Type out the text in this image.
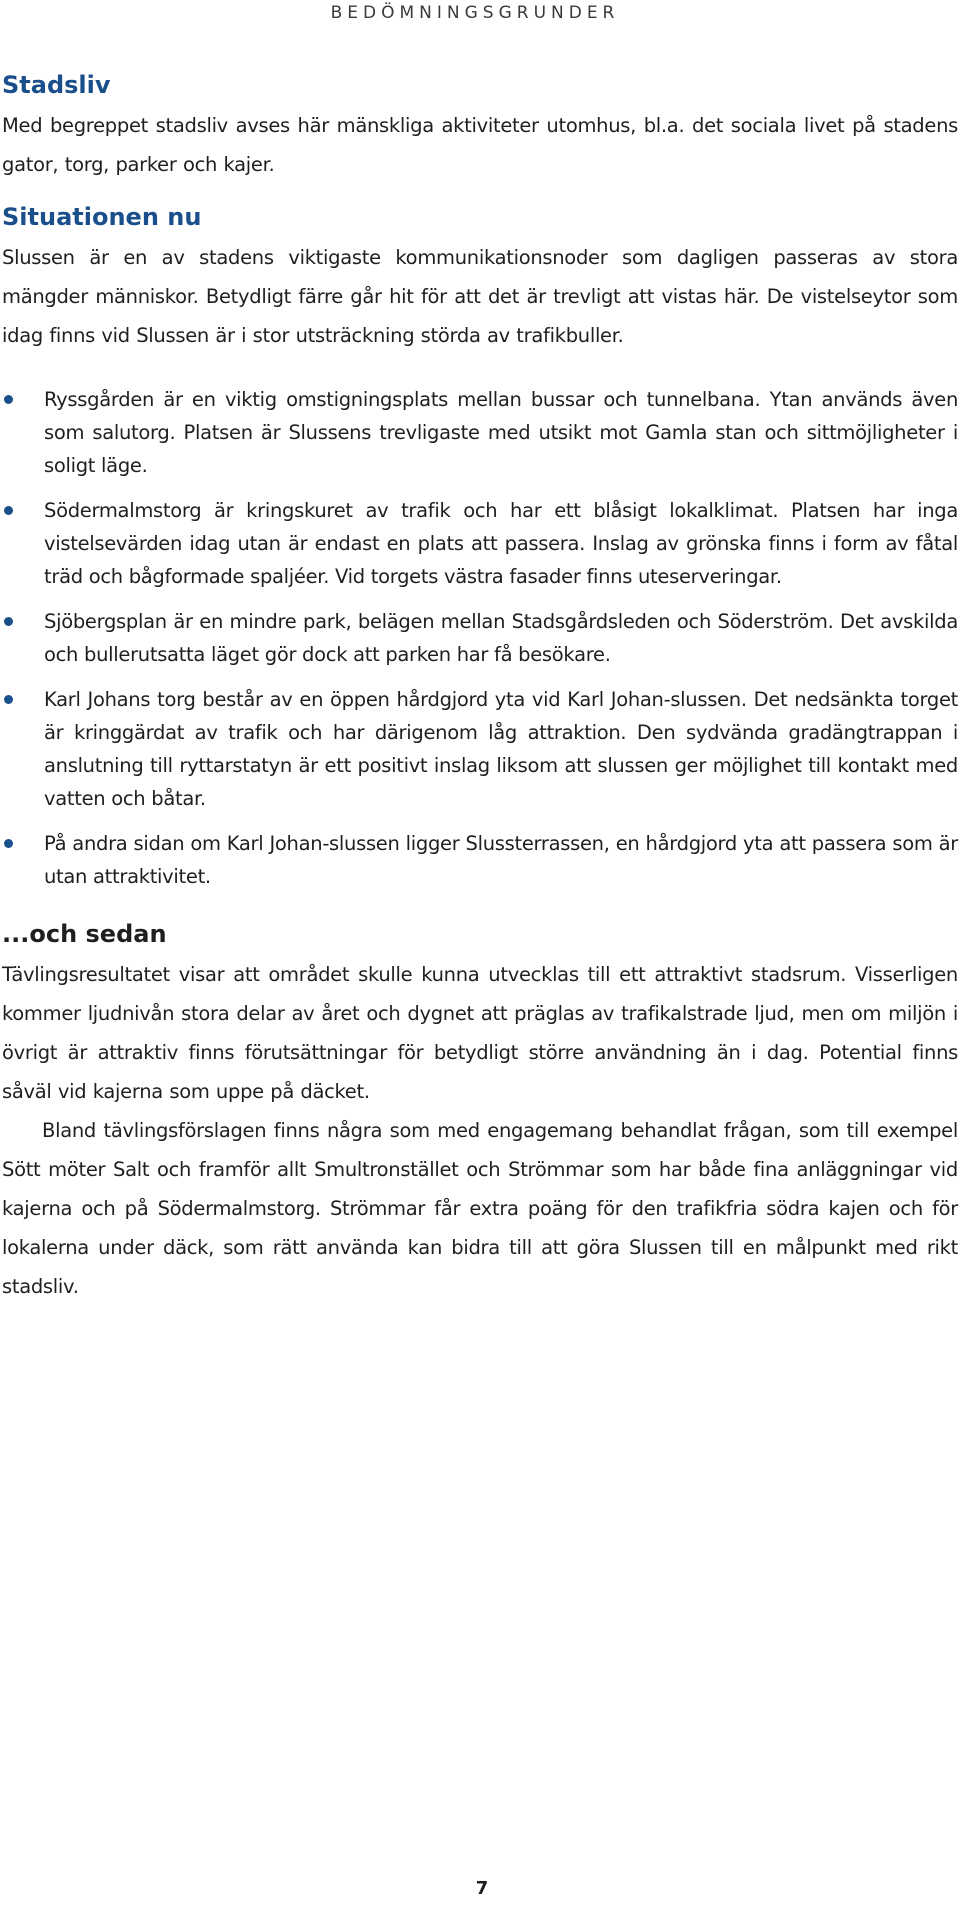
BEDÖMNINGSGRUNDER
Stadsliv

Med begreppet stadsliv avses här mänskliga aktiviteter utomhus, bl.a. det sociala livet på stadens gator, torg, parker och kajer.

Situationen nu

Slussen är en av stadens viktigaste kommunikationsnoder som dagligen passeras av stora mängder människor. Betydligt färre går hit för att det är trevligt att vistas här. De vistelseytor som idag finns vid Slussen är i stor utsträckning störda av trafikbuller.

Ryssgården är en viktig omstigningsplats mellan bussar och tunnelbana. Ytan används även som salutorg. Platsen är Slussens trevligaste med utsikt mot Gamla stan och sittmöjligheter i soligt läge.
Södermalmstorg är kringskuret av trafik och har ett blåsigt lokalklimat. Platsen har inga vistelsevärden idag utan är endast en plats att passera. Inslag av grönska finns i form av fåtal träd och bågformade spaljéer. Vid torgets västra fasader finns uteserveringar.
Sjöbergsplan är en mindre park, belägen mellan Stadsgårdsleden och Söderström. Det avskilda och bullerutsatta läget gör dock att parken har få besökare.
Karl Johans torg består av en öppen hårdgjord yta vid Karl Johan-slussen. Det nedsänkta torget är kringgärdat av trafik och har därigenom låg attraktion. Den sydvända gradängtrappan i anslutning till ryttarstatyn är ett positivt inslag liksom att slussen ger möjlighet till kontakt med vatten och båtar.
På andra sidan om Karl Johan-slussen ligger Slussterrassen, en hårdgjord yta att passera som är utan attraktivitet.
...och sedan

Tävlingsresultatet visar att området skulle kunna utvecklas till ett attraktivt stadsrum. Visserligen kommer ljudnivån stora delar av året och dygnet att präglas av trafikalstrade ljud, men om miljön i övrigt är attraktiv finns förutsättningar för betydligt större användning än i dag. Potential finns såväl vid kajerna som uppe på däcket.

Bland tävlingsförslagen finns några som med engagemang behandlat frågan, som till exempel Sött möter Salt och framför allt Smultronstället och Strömmar som har både fina anläggningar vid kajerna och på Södermalmstorg. Strömmar får extra poäng för den trafikfria södra kajen och för lokalerna under däck, som rätt använda kan bidra till att göra Slussen till en målpunkt med rikt stadsliv.

7
